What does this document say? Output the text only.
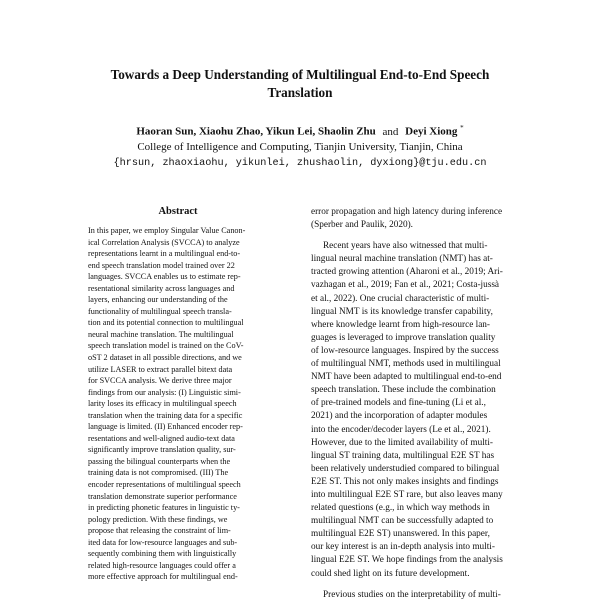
Towards a Deep Understanding of Multilingual End-to-End Speech
Translation
Haoran Sun, Xiaohu Zhao, Yikun Lei, Shaolin Zhu and Deyi Xiong *
College of Intelligence and Computing, Tianjin University, Tianjin, China
{hrsun, zhaoxiaohu, yikunlei, zhushaolin, dyxiong}@tju.edu.cn
Abstract
In this paper, we employ Singular Value Canon-
ical Correlation Analysis (SVCCA) to analyze
representations learnt in a multilingual end-to-
end speech translation model trained over 22
languages. SVCCA enables us to estimate rep-
resentational similarity across languages and
layers, enhancing our understanding of the
functionality of multilingual speech transla-
tion and its potential connection to multilingual
neural machine translation. The multilingual
speech translation model is trained on the CoV-
oST 2 dataset in all possible directions, and we
utilize LASER to extract parallel bitext data
for SVCCA analysis. We derive three major
findings from our analysis: (I) Linguistic simi-
larity loses its efficacy in multilingual speech
translation when the training data for a specific
language is limited. (II) Enhanced encoder rep-
resentations and well-aligned audio-text data
significantly improve translation quality, sur-
passing the bilingual counterparts when the
training data is not compromised. (III) The
encoder representations of multilingual speech
translation demonstrate superior performance
in predicting phonetic features in linguistic ty-
pology prediction. With these findings, we
propose that releasing the constraint of lim-
ited data for low-resource languages and sub-
sequently combining them with linguistically
related high-resource languages could offer a
more effective approach for multilingual end-
error propagation and high latency during inference
(Sperber and Paulik, 2020).
Recent years have also witnessed that multi-
lingual neural machine translation (NMT) has at-
tracted growing attention (Aharoni et al., 2019; Ari-
vazhagan et al., 2019; Fan et al., 2021; Costa-jussà
et al., 2022). One crucial characteristic of multi-
lingual NMT is its knowledge transfer capability,
where knowledge learnt from high-resource lan-
guages is leveraged to improve translation quality
of low-resource languages. Inspired by the success
of multilingual NMT, methods used in multilingual
NMT have been adapted to multilingual end-to-end
speech translation. These include the combination
of pre-trained models and fine-tuning (Li et al.,
2021) and the incorporation of adapter modules
into the encoder/decoder layers (Le et al., 2021).
However, due to the limited availability of multi-
lingual ST training data, multilingual E2E ST has
been relatively understudied compared to bilingual
E2E ST. This not only makes insights and findings
into multilingual E2E ST rare, but also leaves many
related questions (e.g., in which way methods in
multilingual NMT can be successfully adapted to
multilingual E2E ST) unanswered. In this paper,
our key interest is an in-depth analysis into multi-
lingual E2E ST. We hope findings from the analysis
could shed light on its future development.
Previous studies on the interpretability of multi-
